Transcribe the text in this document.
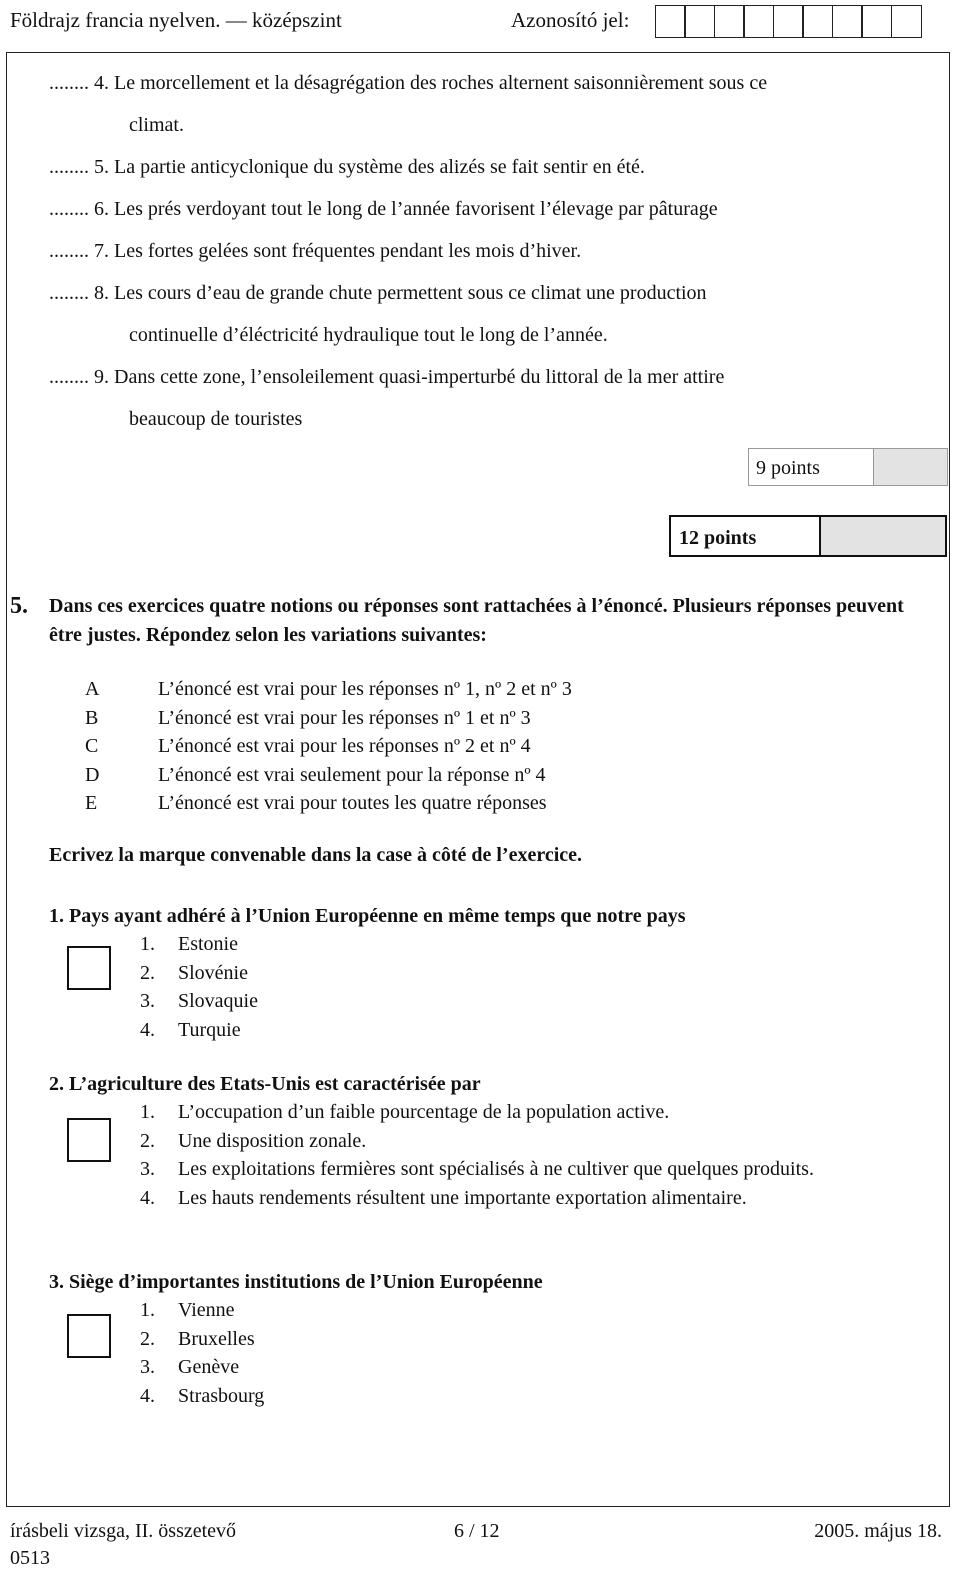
Földrajz francia nyelven. — középszint	Azonosító jel:
........ 4. Le morcellement et la désagrégation des roches alternent saisonnièrement sous ce
climat.
........ 5. La partie anticyclonique du système des alizés se fait sentir en été.
........ 6. Les prés verdoyant tout le long de l’année favorisent l’élevage par pâturage
........ 7. Les fortes gelées sont fréquentes pendant les mois d’hiver.
........ 8. Les cours d’eau de grande chute permettent sous ce climat une production
continuelle d’éléctricité hydraulique tout le long de l’année.
........ 9. Dans cette zone, l’ensoleilement quasi-imperturbé du littoral de la mer attire
beaucoup de touristes
9 points
12 points
5.	Dans ces exercices quatre notions ou réponses sont rattachées à l’énoncé. Plusieurs réponses peuvent être justes. Répondez selon les variations suivantes:
A	L’énoncé est vrai pour les réponses nº 1, nº 2 et nº 3
B	L’énoncé est vrai pour les réponses nº 1 et nº 3
C	L’énoncé est vrai pour les réponses nº 2 et nº 4
D	L’énoncé est vrai seulement pour la réponse nº 4
E	L’énoncé est vrai pour toutes les quatre réponses
Ecrivez la marque convenable dans la case à côté de l’exercice.
1. Pays ayant adhéré à l’Union Européenne en même temps que notre pays
1.	Estonie
2.	Slovénie
3.	Slovaquie
4.	Turquie
2. L’agriculture des Etats-Unis est caractérisée par
1.	L’occupation d’un faible pourcentage de la population active.
2.	Une disposition zonale.
3.	Les exploitations fermières sont spécialisés à ne cultiver que quelques produits.
4.	Les hauts rendements résultent une importante exportation alimentaire.
3. Siège d’importantes institutions de l’Union Européenne
1.	Vienne
2.	Bruxelles
3.	Genève
4.	Strasbourg
írásbeli vizsga, II. összetevő	6 / 12	2005. május 18.
0513
